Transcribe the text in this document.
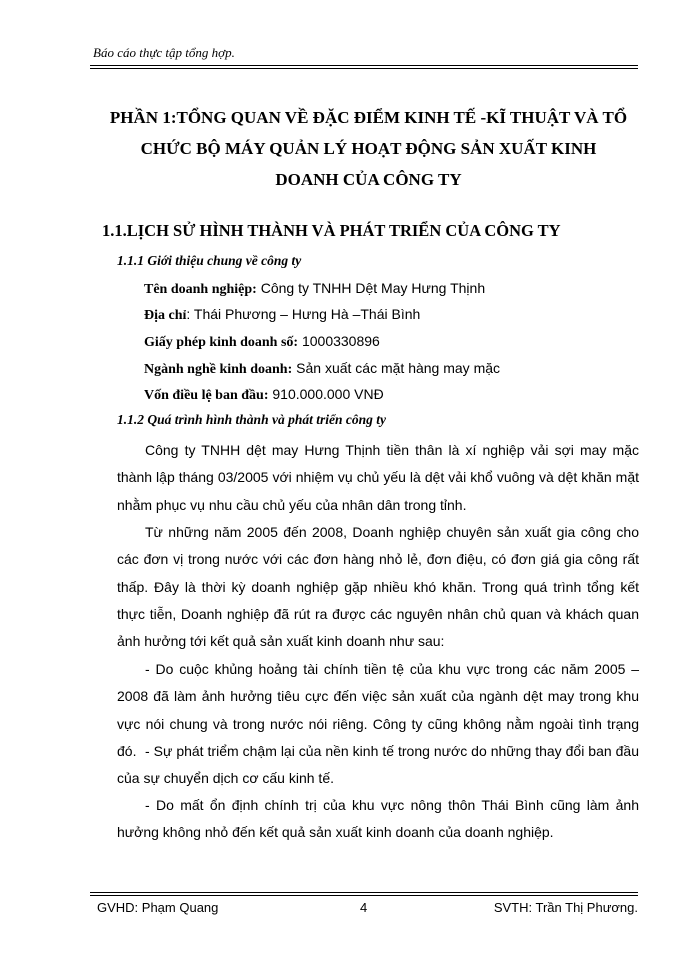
Báo cáo thực tập tổng hợp.
PHẦN 1:TỔNG QUAN VỀ ĐẶC ĐIỂM KINH TẾ -KĨ THUẬT VÀ TỔ
CHỨC BỘ MÁY QUẢN LÝ HOẠT ĐỘNG SẢN XUẤT KINH
DOANH CỦA CÔNG TY
1.1.LỊCH SỬ HÌNH THÀNH VÀ PHÁT TRIỂN CỦA CÔNG TY
1.1.1 Giới thiệu chung về công ty
Tên doanh nghiệp: Công ty TNHH Dệt May Hưng Thịnh
Địa chỉ: Thái Phương – Hưng Hà –Thái Bình
Giấy phép kinh doanh số: 1000330896
Ngành nghề kinh doanh: Sản xuất các mặt hàng may mặc
Vốn điều lệ ban đầu: 910.000.000 VNĐ
1.1.2 Quá trình hình thành và phát triển công ty
Công ty TNHH dệt may Hưng Thịnh tiền thân là xí nghiệp vải sợi may mặc thành lập tháng 03/2005 với nhiệm vụ chủ yếu là dệt vải khổ vuông và dệt khăn mặt nhằm phục vụ nhu cầu chủ yếu của nhân dân trong tỉnh.
Từ những năm 2005 đến 2008, Doanh nghiệp chuyên sản xuất gia công cho các đơn vị trong nước với các đơn hàng nhỏ lẻ, đơn điệu, có đơn giá gia công rất thấp. Đây là thời kỳ doanh nghiệp gặp nhiều khó khăn. Trong quá trình tổng kết thực tiễn, Doanh nghiệp đã rút ra được các nguyên nhân chủ quan và khách quan ảnh hưởng tới kết quả sản xuất kinh doanh như sau:
- Do cuộc khủng hoảng tài chính tiền tệ của khu vực trong các năm 2005 – 2008 đã làm ảnh hưởng tiêu cực đến việc sản xuất của ngành dệt may trong khu vực nói chung và trong nước nói riêng. Công ty cũng không nằm ngoài tình trạng đó. - Sự phát triểm chậm lại của nền kinh tế trong nước do những thay đổi ban đầu của sự chuyển dịch cơ cấu kinh tế.
- Do mất ổn định chính trị của khu vực nông thôn Thái Bình cũng làm ảnh hưởng không nhỏ đến kết quả sản xuất kinh doanh của doanh nghiệp.
GVHD: Phạm Quang	4	SVTH: Trần Thị Phương.
